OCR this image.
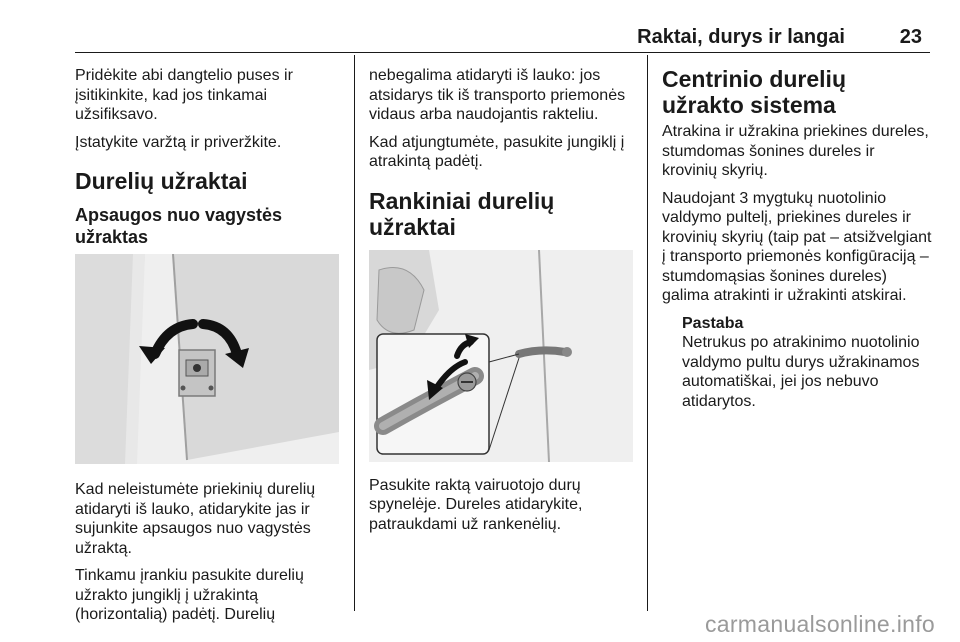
Raktai, durys ir langai	23

Pridėkite abi dangtelio puses ir įsitikinkite, kad jos tinkamai užsifiksavo.

Įstatykite varžtą ir priveržkite.

Durelių užraktai
Apsaugos nuo vagystės užraktas

Kad neleistumėte priekinių durelių atidaryti iš lauko, atidarykite jas ir sujunkite apsaugos nuo vagystės užraktą.

Tinkamu įrankiu pasukite durelių užrakto jungiklį į užrakintą (horizontalią) padėtį. Durelių

nebegalima atidaryti iš lauko: jos atsidarys tik iš transporto priemonės vidaus arba naudojantis rakteliu.

Kad atjungtumėte, pasukite jungiklį į atrakintą padėtį.

Rankiniai durelių užraktai

Pasukite raktą vairuotojo durų spynelėje. Dureles atidarykite, patraukdami už rankenėlių.

Centrinio durelių užrakto sistema

Atrakina ir užrakina priekines dureles, stumdomas šonines dureles ir krovinių skyrių.

Naudojant 3 mygtukų nuotolinio valdymo pultelį, priekines dureles ir krovinių skyrių (taip pat – atsižvelgiant į transporto priemonės konfigūraciją – stumdomąsias šonines dureles) galima atrakinti ir užrakinti atskirai.

Pastaba
Netrukus po atrakinimo nuotolinio valdymo pultu durys užrakinamos automatiškai, jei jos nebuvo atidarytos.
carmanualsonline.info
